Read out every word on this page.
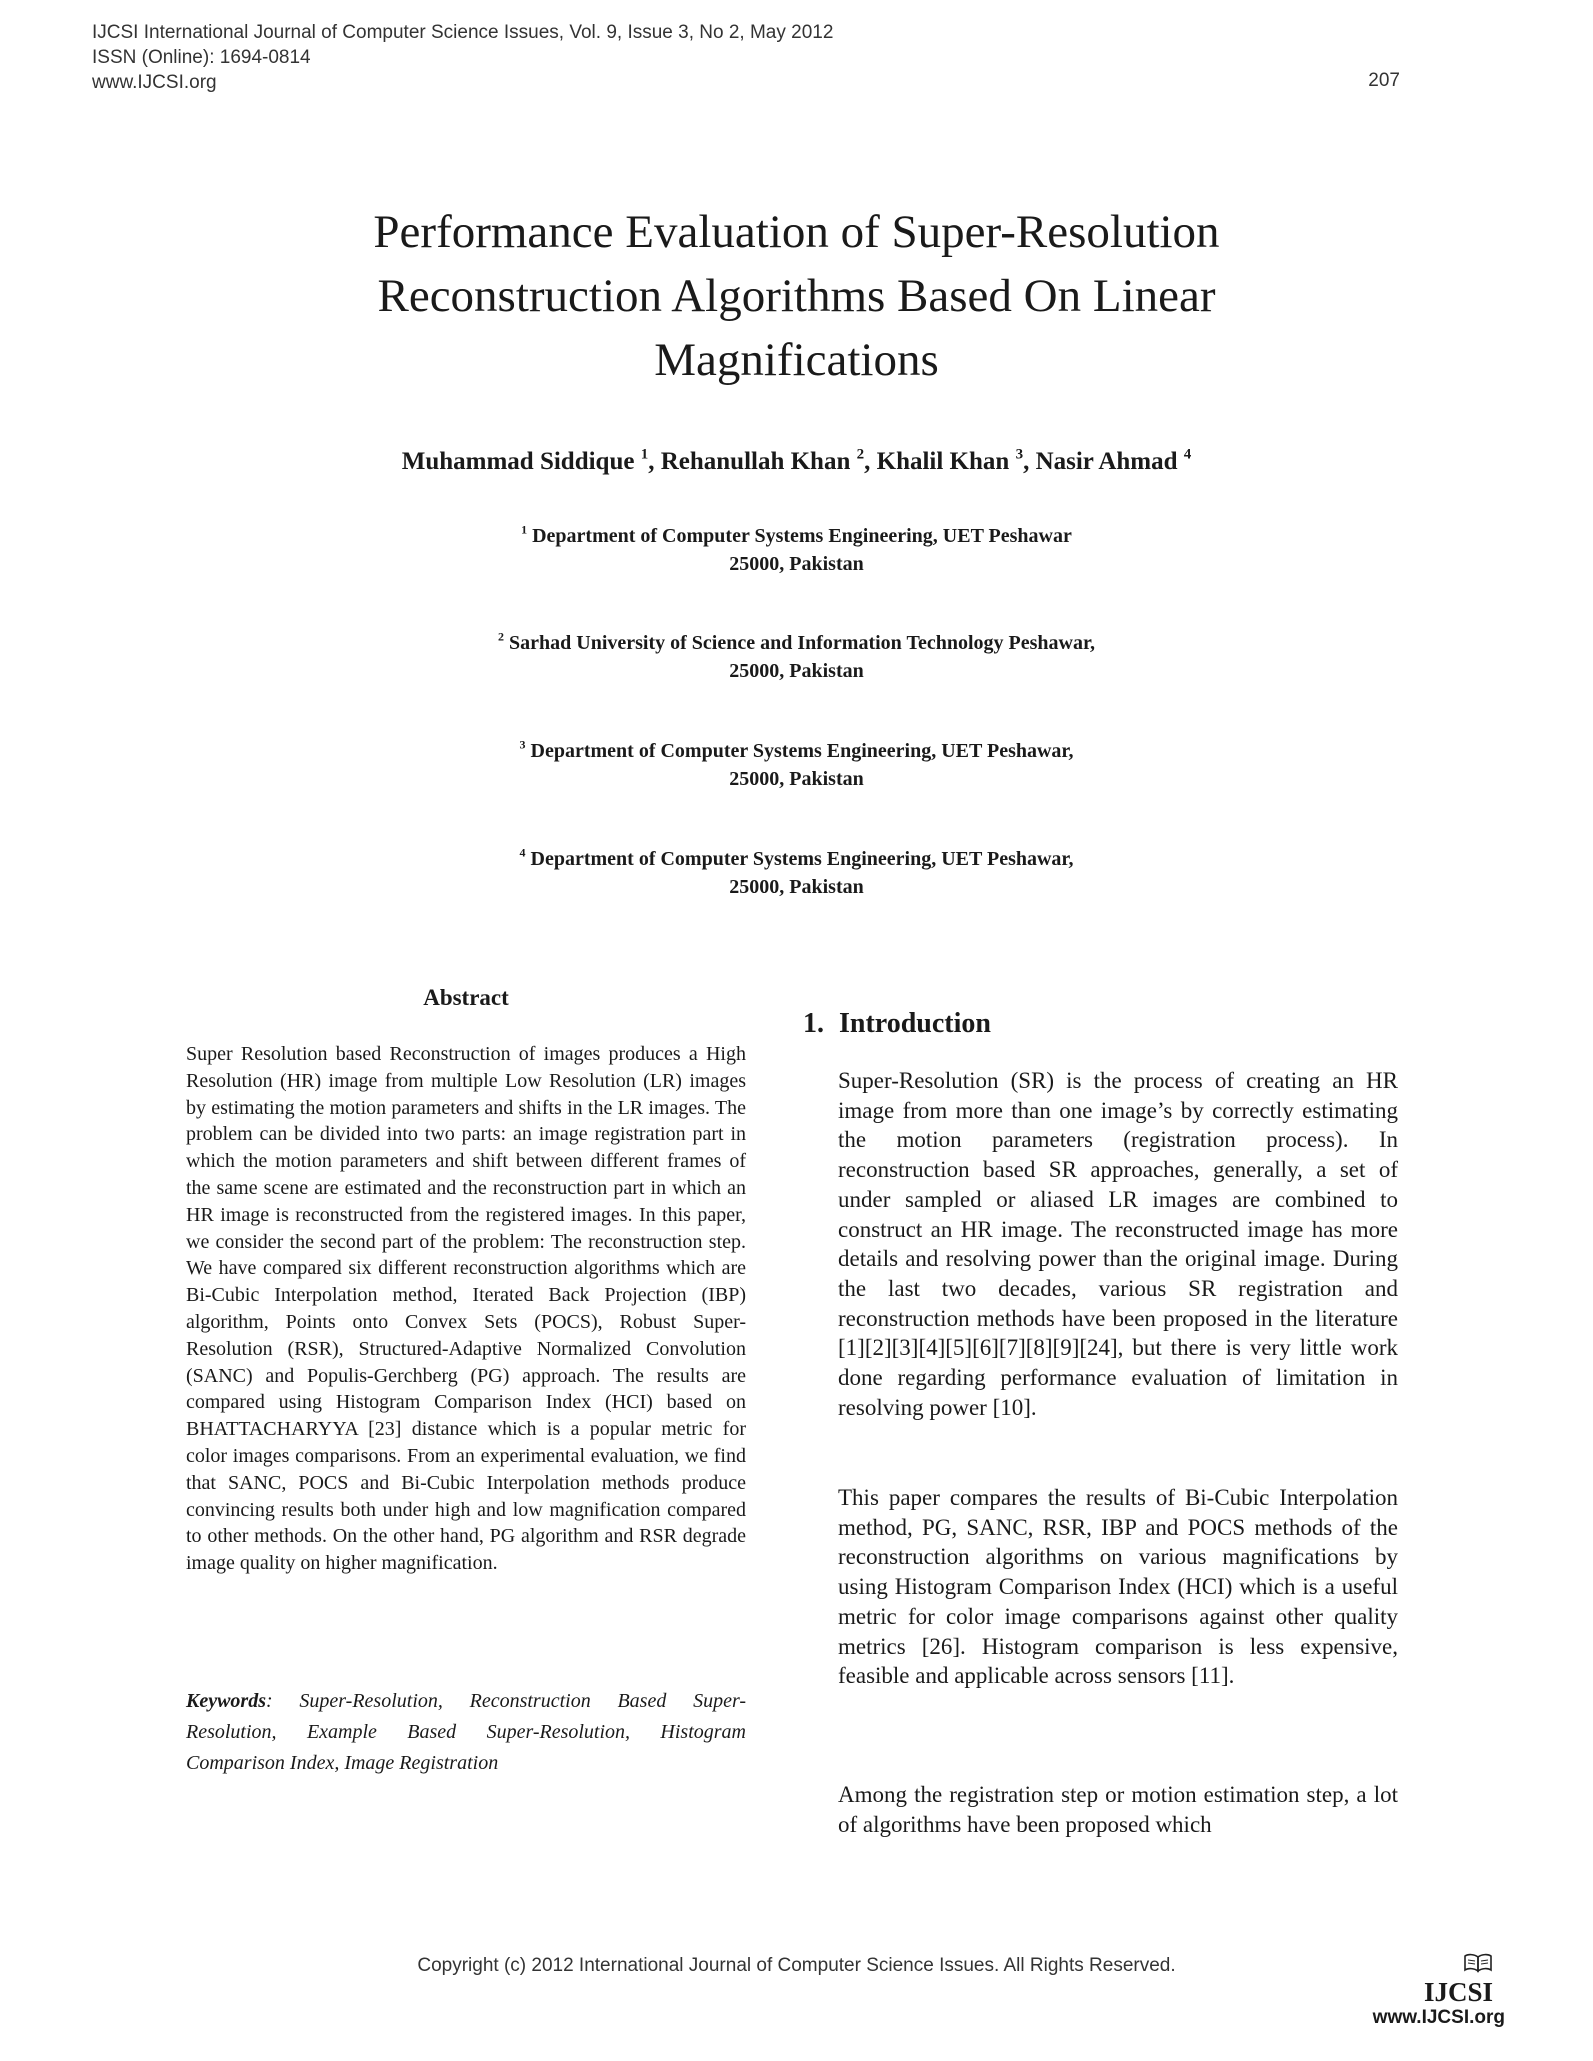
IJCSI International Journal of Computer Science Issues, Vol. 9, Issue 3, No 2, May 2012
ISSN (Online): 1694-0814
www.IJCSI.org	207
Performance Evaluation of Super-Resolution
Reconstruction Algorithms Based On Linear
Magnifications
Muhammad Siddique $^1$, Rehanullah Khan $^2$, Khalil Khan $^3$, Nasir Ahmad $^4$
$^1$ Department of Computer Systems Engineering, UET Peshawar
25000, Pakistan
$^2$ Sarhad University of Science and Information Technology Peshawar,
25000, Pakistan
$^3$ Department of Computer Systems Engineering, UET Peshawar,
25000, Pakistan
$^4$ Department of Computer Systems Engineering, UET Peshawar,
25000, Pakistan
Abstract

Super Resolution based Reconstruction of images produces a High Resolution (HR) image from multiple Low Resolution (LR) images by estimating the motion parameters and shifts in the LR images. The problem can be divided into two parts: an image registration part in which the motion parameters and shift between different frames of the same scene are estimated and the reconstruction part in which an HR image is reconstructed from the registered images. In this paper, we consider the second part of the problem: The reconstruction step. We have compared six different reconstruction algorithms which are Bi-Cubic Interpolation method, Iterated Back Projection (IBP) algorithm, Points onto Convex Sets (POCS), Robust Super-Resolution (RSR), Structured-Adaptive Normalized Convolution (SANC) and Populis-Gerchberg (PG) approach. The results are compared using Histogram Comparison Index (HCI) based on BHATTACHARYYA [23] distance which is a popular metric for color images comparisons. From an experimental evaluation, we find that SANC, POCS and Bi-Cubic Interpolation methods produce convincing results both under high and low magnification compared to other methods. On the other hand, PG algorithm and RSR degrade image quality on higher magnification.

Keywords: Super-Resolution, Reconstruction Based Super-Resolution, Example Based Super-Resolution, Histogram Comparison Index, Image Registration

1. Introduction

Super-Resolution (SR) is the process of creating an HR image from more than one image’s by correctly estimating the motion parameters (registration process). In reconstruction based SR approaches, generally, a set of under sampled or aliased LR images are combined to construct an HR image. The reconstructed image has more details and resolving power than the original image. During the last two decades, various SR registration and reconstruction methods have been proposed in the literature [1][2][3][4][5][6][7][8][9][24], but there is very little work done regarding performance evaluation of limitation in resolving power [10].

This paper compares the results of Bi-Cubic Interpolation method, PG, SANC, RSR, IBP and POCS methods of the reconstruction algorithms on various magnifications by using Histogram Comparison Index (HCI) which is a useful metric for color image comparisons against other quality metrics [26]. Histogram comparison is less expensive, feasible and applicable across sensors [11].

Among the registration step or motion estimation step, a lot of algorithms have been proposed which

Copyright (c) 2012 International Journal of Computer Science Issues. All Rights Reserved.
IJCSI
www.IJCSI.org
